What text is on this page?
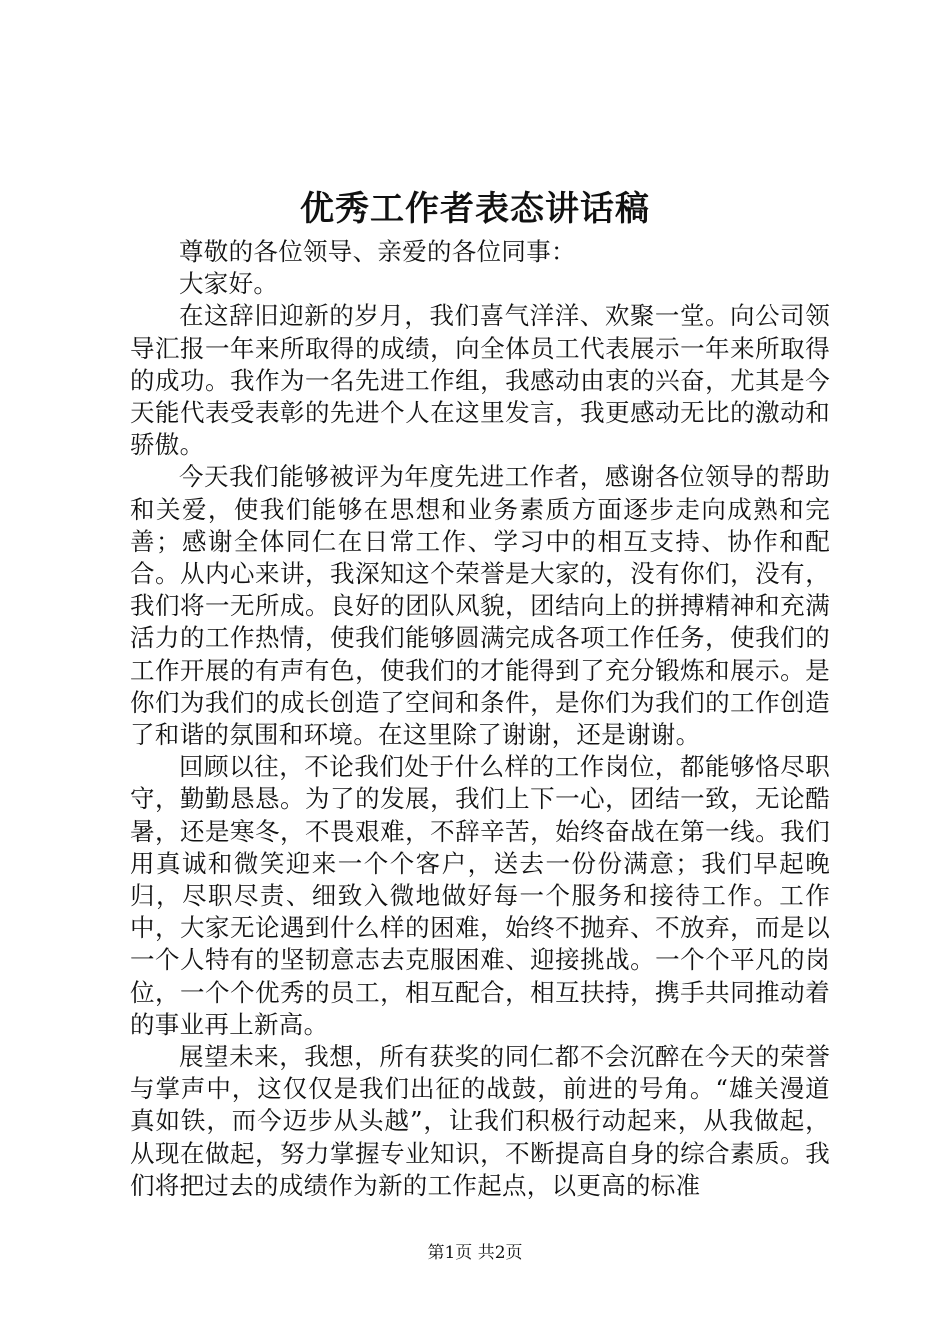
优秀工作者表态讲话稿

尊敬的各位领导、亲爱的各位同事：

大家好。

在这辞旧迎新的岁月，我们喜气洋洋、欢聚一堂。向公司领导汇报一年来所取得的成绩，向全体员工代表展示一年来所取得的成功。我作为一名先进工作组，我感动由衷的兴奋，尤其是今天能代表受表彰的先进个人在这里发言，我更感动无比的激动和骄傲。

今天我们能够被评为年度先进工作者，感谢各位领导的帮助和关爱，使我们能够在思想和业务素质方面逐步走向成熟和完善；感谢全体同仁在日常工作、学习中的相互支持、协作和配合。从内心来讲，我深知这个荣誉是大家的，没有你们，没有，我们将一无所成。良好的团队风貌，团结向上的拼搏精神和充满活力的工作热情，使我们能够圆满完成各项工作任务，使我们的工作开展的有声有色，使我们的才能得到了充分锻炼和展示。是你们为我们的成长创造了空间和条件，是你们为我们的工作创造了和谐的氛围和环境。在这里除了谢谢，还是谢谢。

回顾以往，不论我们处于什么样的工作岗位，都能够恪尽职守，勤勤恳恳。为了的发展，我们上下一心，团结一致，无论酷暑，还是寒冬，不畏艰难，不辞辛苦，始终奋战在第一线。我们用真诚和微笑迎来一个个客户，送去一份份满意；我们早起晚归，尽职尽责、细致入微地做好每一个服务和接待工作。工作中，大家无论遇到什么样的困难，始终不抛弃、不放弃，而是以一个人特有的坚韧意志去克服困难、迎接挑战。一个个平凡的岗位，一个个优秀的员工，相互配合，相互扶持，携手共同推动着的事业再上新高。

展望未来，我想，所有获奖的同仁都不会沉醉在今天的荣誉与掌声中，这仅仅是我们出征的战鼓，前进的号角。“雄关漫道真如铁，而今迈步从头越”，让我们积极行动起来，从我做起，从现在做起，努力掌握专业知识，不断提高自身的综合素质。我们将把过去的成绩作为新的工作起点，以更高的标准

第1页 共2页
